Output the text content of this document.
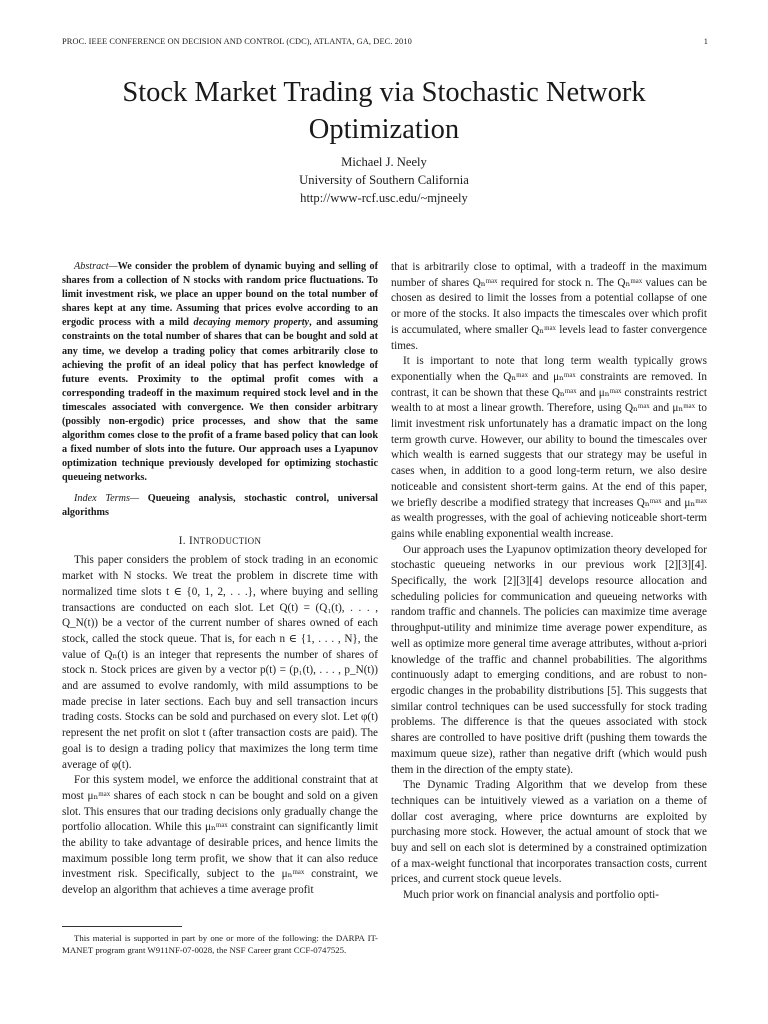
PROC. IEEE CONFERENCE ON DECISION AND CONTROL (CDC), ATLANTA, GA, DEC. 2010	1
Stock Market Trading via Stochastic Network
Optimization
Michael J. Neely
University of Southern California
http://www-rcf.usc.edu/~mjneely

Abstract—We consider the problem of dynamic buying and selling of shares from a collection of N stocks with random price fluctuations. To limit investment risk, we place an upper bound on the total number of shares kept at any time. Assuming that prices evolve according to an ergodic process with a mild decaying memory property, and assuming constraints on the total number of shares that can be bought and sold at any time, we develop a trading policy that comes arbitrarily close to achieving the profit of an ideal policy that has perfect knowledge of future events. Proximity to the optimal profit comes with a corresponding tradeoff in the maximum required stock level and in the timescales associated with convergence. We then consider arbitrary (possibly non-ergodic) price processes, and show that the same algorithm comes close to the profit of a frame based policy that can look a fixed number of slots into the future. Our approach uses a Lyapunov optimization technique previously developed for optimizing stochastic queueing networks.

Index Terms— Queueing analysis, stochastic control, universal algorithms

I. INTRODUCTION

This paper considers the problem of stock trading in an economic market with N stocks. We treat the problem in discrete time with normalized time slots t ∈ {0, 1, 2, . . .}, where buying and selling transactions are conducted on each slot. Let Q(t) = (Q₁(t), . . . , Q_N(t)) be a vector of the current number of shares owned of each stock, called the stock queue. That is, for each n ∈ {1, . . . , N}, the value of Qₙ(t) is an integer that represents the number of shares of stock n. Stock prices are given by a vector p(t) = (p₁(t), . . . , p_N(t)) and are assumed to evolve randomly, with mild assumptions to be made precise in later sections. Each buy and sell transaction incurs trading costs. Stocks can be sold and purchased on every slot. Let φ(t) represent the net profit on slot t (after transaction costs are paid). The goal is to design a trading policy that maximizes the long term time average of φ(t).

For this system model, we enforce the additional constraint that at most μₙᵐᵃˣ shares of each stock n can be bought and sold on a given slot. This ensures that our trading decisions only gradually change the portfolio allocation. While this μₙᵐᵃˣ constraint can significantly limit the ability to take advantage of desirable prices, and hence limits the maximum possible long term profit, we show that it can also reduce investment risk. Specifically, subject to the μₙᵐᵃˣ constraint, we develop an algorithm that achieves a time average profit

This material is supported in part by one or more of the following: the DARPA IT-MANET program grant W911NF-07-0028, the NSF Career grant CCF-0747525.

that is arbitrarily close to optimal, with a tradeoff in the maximum number of shares Qₙᵐᵃˣ required for stock n. The Qₙᵐᵃˣ values can be chosen as desired to limit the losses from a potential collapse of one or more of the stocks. It also impacts the timescales over which profit is accumulated, where smaller Qₙᵐᵃˣ levels lead to faster convergence times.

It is important to note that long term wealth typically grows exponentially when the Qₙᵐᵃˣ and μₙᵐᵃˣ constraints are removed. In contrast, it can be shown that these Qₙᵐᵃˣ and μₙᵐᵃˣ constraints restrict wealth to at most a linear growth. Therefore, using Qₙᵐᵃˣ and μₙᵐᵃˣ to limit investment risk unfortunately has a dramatic impact on the long term growth curve. However, our ability to bound the timescales over which wealth is earned suggests that our strategy may be useful in cases when, in addition to a good long-term return, we also desire noticeable and consistent short-term gains. At the end of this paper, we briefly describe a modified strategy that increases Qₙᵐᵃˣ and μₙᵐᵃˣ as wealth progresses, with the goal of achieving noticeable short-term gains while enabling exponential wealth increase.

Our approach uses the Lyapunov optimization theory developed for stochastic queueing networks in our previous work [2][3][4]. Specifically, the work [2][3][4] develops resource allocation and scheduling policies for communication and queueing networks with random traffic and channels. The policies can maximize time average throughput-utility and minimize time average power expenditure, as well as optimize more general time average attributes, without a-priori knowledge of the traffic and channel probabilities. The algorithms continuously adapt to emerging conditions, and are robust to non-ergodic changes in the probability distributions [5]. This suggests that similar control techniques can be used successfully for stock trading problems. The difference is that the queues associated with stock shares are controlled to have positive drift (pushing them towards the maximum queue size), rather than negative drift (which would push them in the direction of the empty state).

The Dynamic Trading Algorithm that we develop from these techniques can be intuitively viewed as a variation on a theme of dollar cost averaging, where price downturns are exploited by purchasing more stock. However, the actual amount of stock that we buy and sell on each slot is determined by a constrained optimization of a max-weight functional that incorporates transaction costs, current prices, and current stock queue levels.

Much prior work on financial analysis and portfolio opti-
